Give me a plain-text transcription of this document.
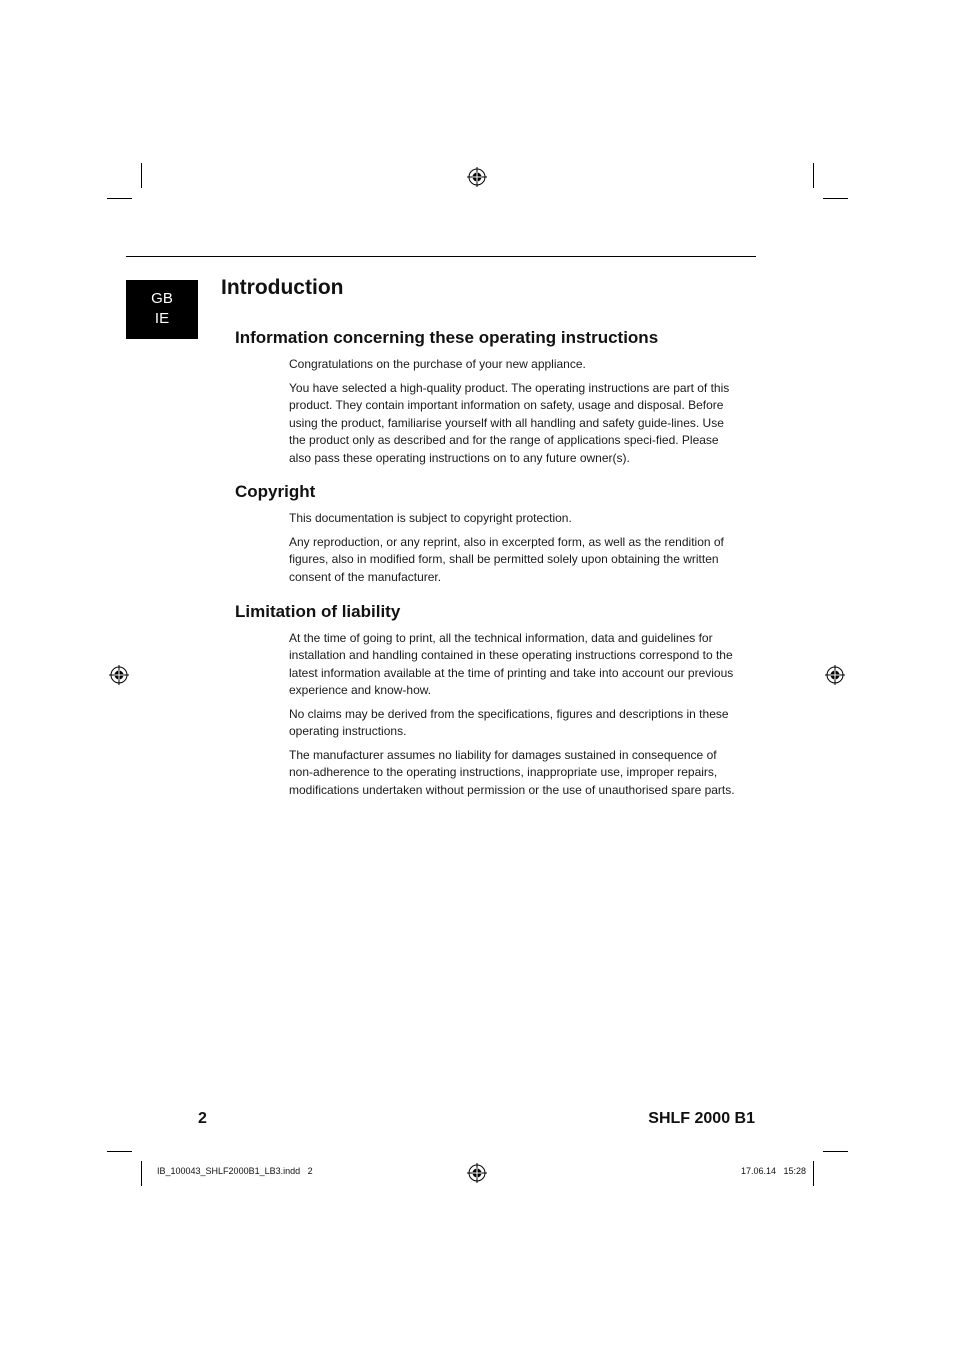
GB
IE
Introduction
Information concerning these operating instructions
Congratulations on the purchase of your new appliance.
You have selected a high-quality product. The operating instructions are part of this product. They contain important information on safety, usage and disposal. Before using the product, familiarise yourself with all handling and safety guide-lines. Use the product only as described and for the range of applications speci-fied. Please also pass these operating instructions on to any future owner(s).
Copyright
This documentation is subject to copyright protection.
Any reproduction, or any reprint, also in excerpted form, as well as the rendition of figures, also in modified form, shall be permitted solely upon obtaining the written consent of the manufacturer.
Limitation of liability
At the time of going to print, all the technical information, data and guidelines for installation and handling contained in these operating instructions correspond to the latest information available at the time of printing and take into account our previous experience and know-how.
No claims may be derived from the specifications, figures and descriptions in these operating instructions.
The manufacturer assumes no liability for damages sustained in consequence of non-adherence to the operating instructions, inappropriate use, improper repairs, modifications undertaken without permission or the use of unauthorised spare parts.
2	SHLF 2000 B1
IB_100043_SHLF2000B1_LB3.indd   2	17.06.14   15:28
